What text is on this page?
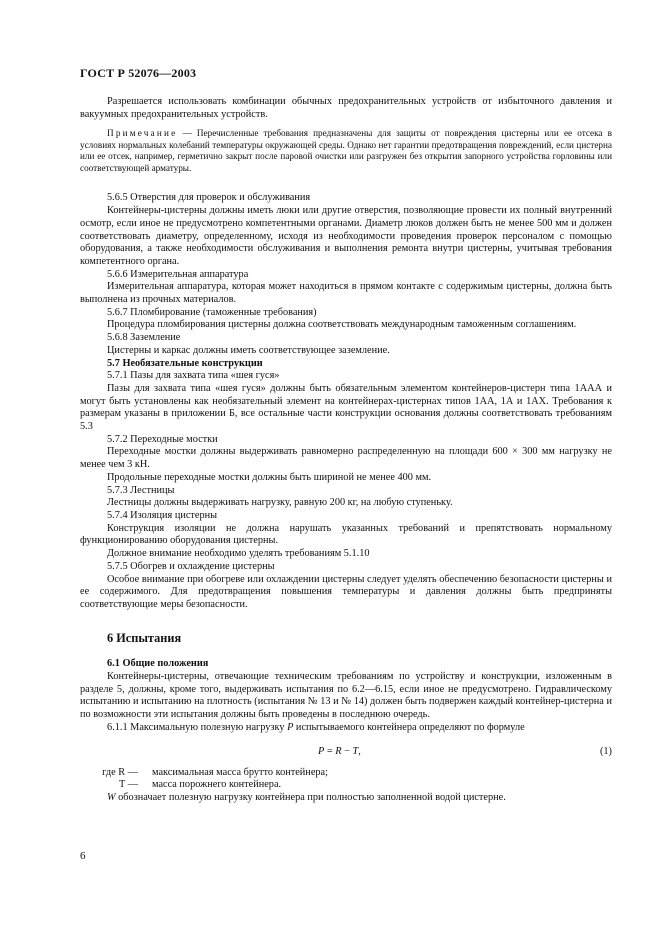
ГОСТ Р 52076—2003

Разрешается использовать комбинации обычных предохранительных устройств от избыточного давления и вакуумных предохранительных устройств.

Примечание — Перечисленные требования предназначены для защиты от повреждения цистерны или ее отсека в условиях нормальных колебаний температуры окружающей среды. Однако нет гарантии предотвращения повреждений, если цистерна или ее отсек, например, герметично закрыт после паровой очистки или разгружен без открытия запорного устройства горловины или соответствующей арматуры.

5.6.5 Отверстия для проверок и обслуживания

Контейнеры-цистерны должны иметь люки или другие отверстия, позволяющие провести их полный внутренний осмотр, если иное не предусмотрено компетентными органами. Диаметр люков должен быть не менее 500 мм и должен соответствовать диаметру, определенному, исходя из необходимости проведения проверок персоналом с помощью оборудования, а также необходимости обслуживания и выполнения ремонта внутри цистерны, учитывая требования компетентного органа.

5.6.6 Измерительная аппаратура

Измерительная аппаратура, которая может находиться в прямом контакте с содержимым цистерны, должна быть выполнена из прочных материалов.

5.6.7 Пломбирование (таможенные требования)

Процедура пломбирования цистерны должна соответствовать международным таможенным соглашениям.

5.6.8 Заземление

Цистерны и каркас должны иметь соответствующее заземление.

5.7 Необязательные конструкции

5.7.1 Пазы для захвата типа «шея гуся»

Пазы для захвата типа «шея гуся» должны быть обязательным элементом контейнеров-цистерн типа 1ААА и могут быть установлены как необязательный элемент на контейнерах-цистернах типов 1АА, 1А и 1АХ. Требования к размерам указаны в приложении Б, все остальные части конструкции основания должны соответствовать требованиям 5.3

5.7.2 Переходные мостки

Переходные мостки должны выдерживать равномерно распределенную на площади 600 × 300 мм нагрузку не менее чем 3 кН.

Продольные переходные мостки должны быть шириной не менее 400 мм.

5.7.3 Лестницы

Лестницы должны выдерживать нагрузку, равную 200 кг, на любую ступеньку.

5.7.4 Изоляция цистерны

Конструкция изоляции не должна нарушать указанных требований и препятствовать нормальному функционированию оборудования цистерны.

Должное внимание необходимо уделять требованиям 5.1.10

5.7.5 Обогрев и охлаждение цистерны

Особое внимание при обогреве или охлаждении цистерны следует уделять обеспечению безопасности цистерны и ее содержимого. Для предотвращения повышения температуры и давления должны быть предприняты соответствующие меры безопасности.

6 Испытания

6.1 Общие положения

Контейнеры-цистерны, отвечающие техническим требованиям по устройству и конструкции, изложенным в разделе 5, должны, кроме того, выдерживать испытания по 6.2—6.15, если иное не предусмотрено. Гидравлическому испытанию и испытанию на плотность (испытания № 13 и № 14) должен быть подвержен каждый контейнер-цистерна и по возможности эти испытания должны быть проведены в последнюю очередь.

6.1.1 Максимальную полезную нагрузку P испытываемого контейнера определяют по формуле

P = R − T,	(1)
где R —	максимальная масса брутто контейнера;
T —	масса порожнего контейнера.

W обозначает полезную нагрузку контейнера при полностью заполненной водой цистерне.

6
